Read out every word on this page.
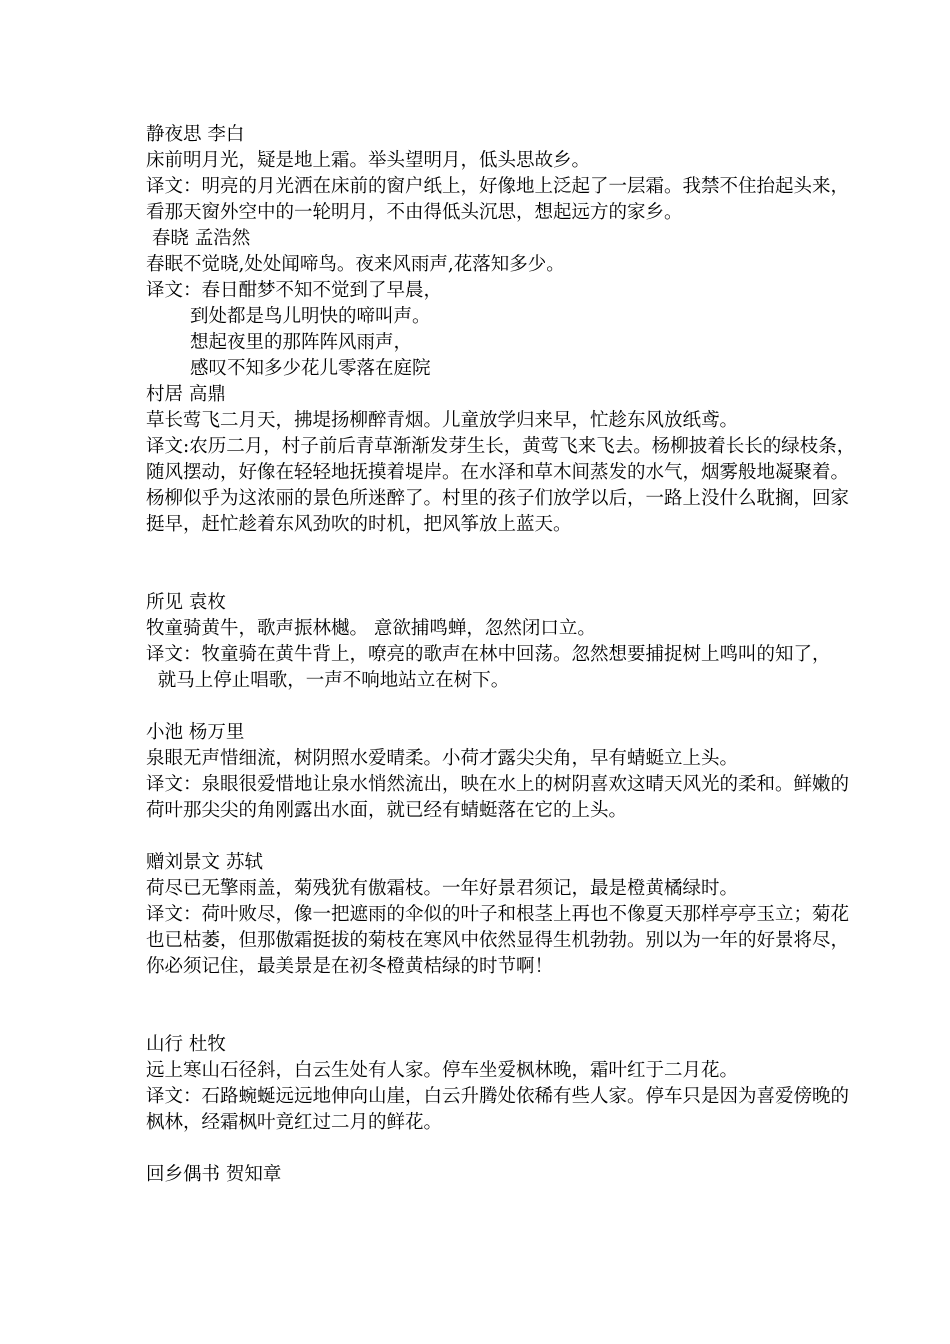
静夜思 李白

床前明月光，疑是地上霜。举头望明月，低头思故乡。

译文：明亮的月光洒在床前的窗户纸上，好像地上泛起了一层霜。我禁不住抬起头来，看那天窗外空中的一轮明月，不由得低头沉思，想起远方的家乡。

春晓 孟浩然

春眠不觉晓,处处闻啼鸟。夜来风雨声,花落知多少。

译文：春日酣梦不知不觉到了早晨，

到处都是鸟儿明快的啼叫声。

想起夜里的那阵阵风雨声，

感叹不知多少花儿零落在庭院

村居 高鼎

草长莺飞二月天，拂堤扬柳醉青烟。儿童放学归来早，忙趁东风放纸鸢。

译文:农历二月，村子前后青草渐渐发芽生长，黄莺飞来飞去。杨柳披着长长的绿枝条，随风摆动，好像在轻轻地抚摸着堤岸。在水泽和草木间蒸发的水气，烟雾般地凝聚着。杨柳似乎为这浓丽的景色所迷醉了。村里的孩子们放学以后，一路上没什么耽搁，回家挺早，赶忙趁着东风劲吹的时机，把风筝放上蓝天。

所见 袁枚

牧童骑黄牛，歌声振林樾。 意欲捕鸣蝉，忽然闭口立。

译文：牧童骑在黄牛背上，嘹亮的歌声在林中回荡。忽然想要捕捉树上鸣叫的知了，

就马上停止唱歌，一声不响地站立在树下。

小池 杨万里

泉眼无声惜细流，树阴照水爱晴柔。小荷才露尖尖角，早有蜻蜓立上头。

译文：泉眼很爱惜地让泉水悄然流出，映在水上的树阴喜欢这晴天风光的柔和。鲜嫩的荷叶那尖尖的角刚露出水面，就已经有蜻蜓落在它的上头。

赠刘景文 苏轼

荷尽已无擎雨盖，菊残犹有傲霜枝。一年好景君须记，最是橙黄橘绿时。

译文：荷叶败尽，像一把遮雨的伞似的叶子和根茎上再也不像夏天那样亭亭玉立；菊花也已枯萎，但那傲霜挺拔的菊枝在寒风中依然显得生机勃勃。别以为一年的好景将尽，你必须记住，最美景是在初冬橙黄桔绿的时节啊！

山行 杜牧

远上寒山石径斜，白云生处有人家。停车坐爱枫林晚，霜叶红于二月花。

译文：石路蜿蜒远远地伸向山崖，白云升腾处依稀有些人家。停车只是因为喜爱傍晚的枫林，经霜枫叶竟红过二月的鲜花。

回乡偶书 贺知章
